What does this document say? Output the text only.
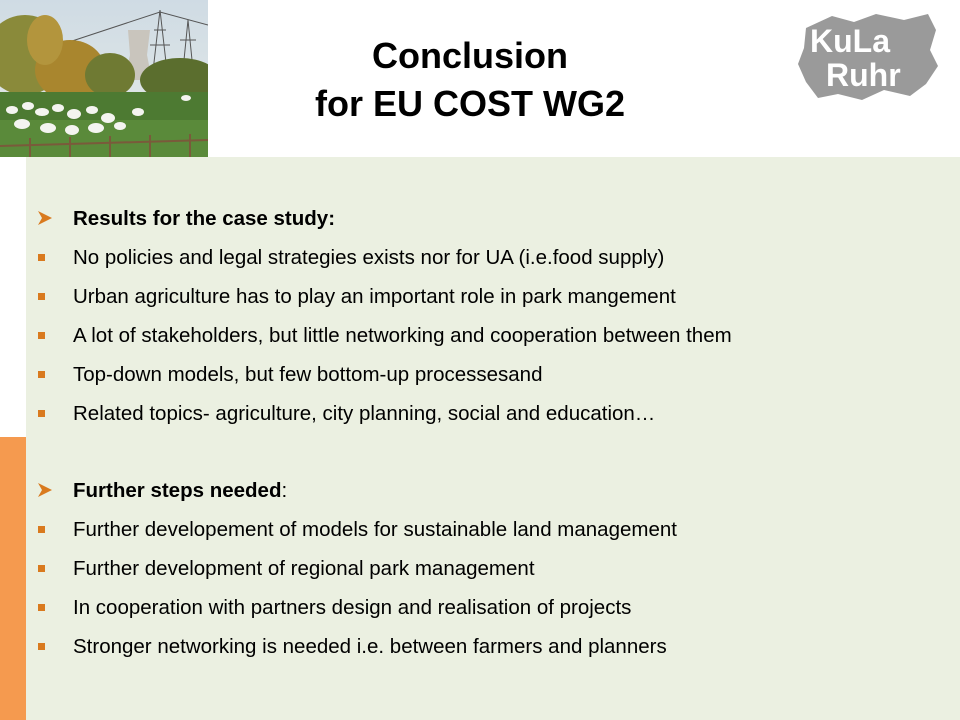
KuLa
Ruhr
Conclusion
for EU COST WG2
Results for the case study:
No policies and legal strategies exists nor for UA (i.e.food supply)
Urban agriculture has to play an important role in park mangement
A lot of stakeholders, but little networking and cooperation between them
Top-down models, but few bottom-up processesand
Related topics- agriculture, city planning, social and education…
Further steps needed:
Further developement of models for sustainable land management
Further development of regional park management
In cooperation with partners design and realisation of projects
Stronger networking is needed i.e. between farmers and planners
